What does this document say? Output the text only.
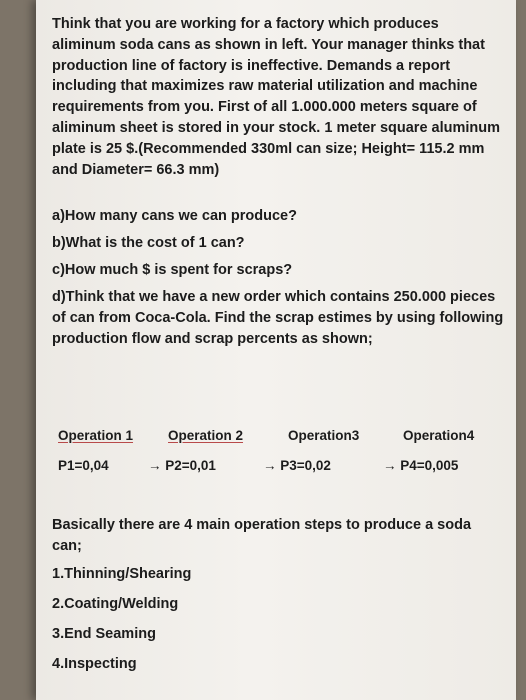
Think that you are working for a factory which produces aliminum soda cans as shown in left. Your manager thinks that production line of factory is ineffective. Demands a report including that maximizes raw material utilization and machine requirements from you. First of all 1.000.000 meters square of aliminum sheet is stored in your stock. 1 meter square aluminum plate is 25 $.(Recommended 330ml can size; Height= 115.2 mm and Diameter= 66.3 mm)
a)How many cans we can produce?
b)What is the cost of 1 can?
c)How much $ is spent for scraps?
d)Think that we have a new order which contains 250.000 pieces of can from Coca-Cola. Find the scrap estimes by using following production flow and scrap percents as shown;
Operation 1	Operation 2	Operation3	Operation4
P1=0,04	→ P2=0,01	→ P3=0,02	→ P4=0,005
Basically there are 4 main operation steps to produce a soda can;
1.Thinning/Shearing
2.Coating/Welding
3.End Seaming
4.Inspecting
